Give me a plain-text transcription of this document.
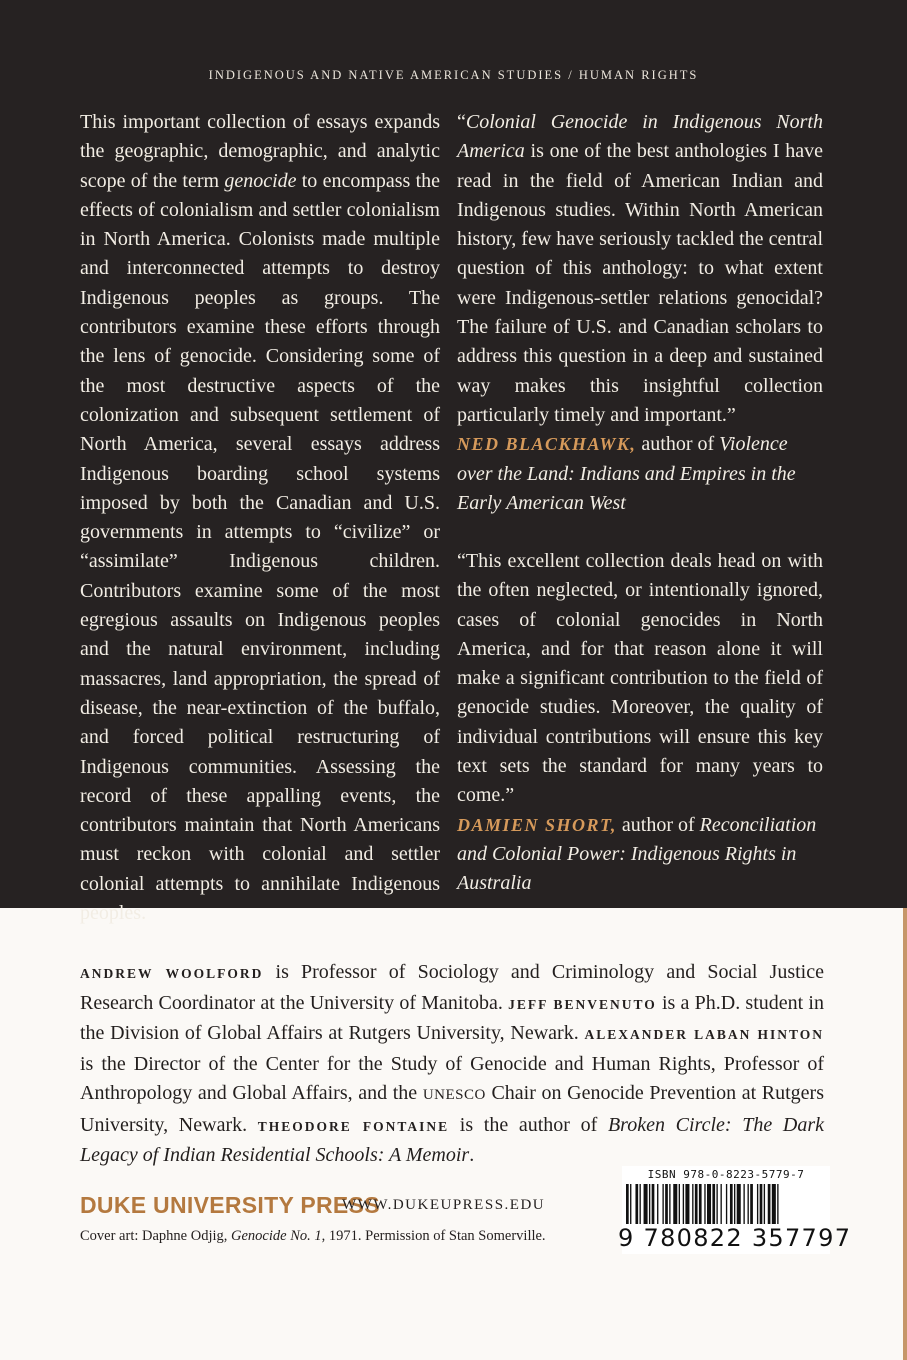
INDIGENOUS AND NATIVE AMERICAN STUDIES / HUMAN RIGHTS
This important collection of essays expands the geographic, demographic, and analytic scope of the term genocide to encompass the effects of colonialism and settler colonialism in North America. Colonists made multiple and interconnected attempts to destroy Indigenous peoples as groups. The contributors examine these efforts through the lens of genocide. Considering some of the most destructive aspects of the colonization and subsequent settlement of North America, several essays address Indigenous boarding school systems imposed by both the Canadian and U.S. governments in attempts to “civilize” or “assimilate” Indigenous children. Contributors examine some of the most egregious assaults on Indigenous peoples and the natural environment, including massacres, land appropriation, the spread of disease, the near-extinction of the buffalo, and forced political restructuring of Indigenous communities. Assessing the record of these appalling events, the contributors maintain that North Americans must reckon with colonial and settler colonial attempts to annihilate Indigenous peoples.

“Colonial Genocide in Indigenous North America is one of the best anthologies I have read in the field of American Indian and Indigenous studies. Within North American history, few have seriously tackled the central question of this anthology: to what extent were Indigenous-settler relations genocidal? The failure of U.S. and Canadian scholars to address this question in a deep and sustained way makes this insightful collection particularly timely and important.”

NED BLACKHAWK, author of Violence over the Land: Indians and Empires in the Early American West

“This excellent collection deals head on with the often neglected, or intentionally ignored, cases of colonial genocides in North America, and for that reason alone it will make a significant contribution to the field of genocide studies. Moreover, the quality of individual contributions will ensure this key text sets the standard for many years to come.”

DAMIEN SHORT, author of Reconciliation and Colonial Power: Indigenous Rights in Australia

ANDREW WOOLFORD is Professor of Sociology and Criminology and Social Justice Research Coordinator at the University of Manitoba. JEFF BENVENUTO is a Ph.D. student in the Division of Global Affairs at Rutgers University, Newark. ALEXANDER LABAN HINTON is the Director of the Center for the Study of Genocide and Human Rights, Professor of Anthropology and Global Affairs, and the UNESCO Chair on Genocide Prevention at Rutgers University, Newark. THEODORE FONTAINE is the author of Broken Circle: The Dark Legacy of Indian Residential Schools: A Memoir.
DUKE UNIVERSITY PRESS
WWW.DUKEUPRESS.EDU
Cover art: Daphne Odjig, Genocide No. 1, 1971. Permission of Stan Somerville.
ISBN 978-0-8223-5779-7
9 780822 357797
